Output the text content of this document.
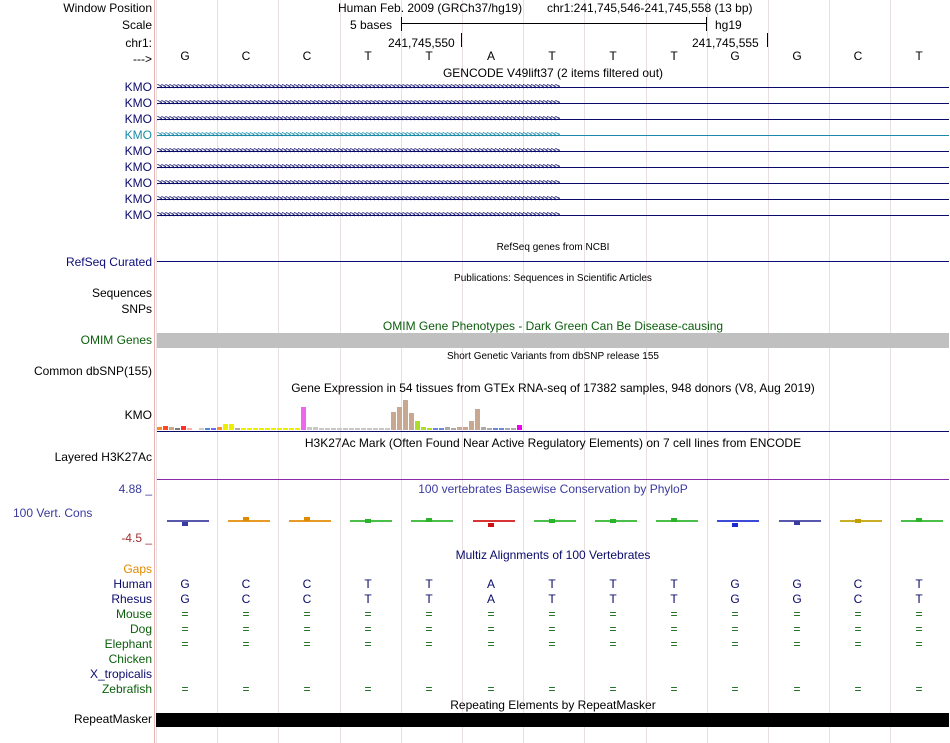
Window Position
Scale
chr1:
--->
Human Feb. 2009 (GRCh37/hg19) chr1:241,745,546-241,745,558 (13 bp)
5 bases	hg19
241,745,550	241,745,555
G	C	C	T	T	A	T	T	T	G	G	C	T
GENCODE V49lift37 (2 items filtered out)
KMO >>>>>>>>>>>>>>>>>>>>>>>>>>>>>>>>>>>>>>>>>>>>>>>>>>>>>>>>>>>>>>>>>>>>>>>>>>>>>>>>>>>>>>>>>>>>>>>>>>>>
KMO >>>>>>>>>>>>>>>>>>>>>>>>>>>>>>>>>>>>>>>>>>>>>>>>>>>>>>>>>>>>>>>>>>>>>>>>>>>>>>>>>>>>>>>>>>>>>>>>>>>>
KMO >>>>>>>>>>>>>>>>>>>>>>>>>>>>>>>>>>>>>>>>>>>>>>>>>>>>>>>>>>>>>>>>>>>>>>>>>>>>>>>>>>>>>>>>>>>>>>>>>>>>
KMO >>>>>>>>>>>>>>>>>>>>>>>>>>>>>>>>>>>>>>>>>>>>>>>>>>>>>>>>>>>>>>>>>>>>>>>>>>>>>>>>>>>>>>>>>>>>>>>>>>>>
KMO >>>>>>>>>>>>>>>>>>>>>>>>>>>>>>>>>>>>>>>>>>>>>>>>>>>>>>>>>>>>>>>>>>>>>>>>>>>>>>>>>>>>>>>>>>>>>>>>>>>>
KMO >>>>>>>>>>>>>>>>>>>>>>>>>>>>>>>>>>>>>>>>>>>>>>>>>>>>>>>>>>>>>>>>>>>>>>>>>>>>>>>>>>>>>>>>>>>>>>>>>>>>
KMO >>>>>>>>>>>>>>>>>>>>>>>>>>>>>>>>>>>>>>>>>>>>>>>>>>>>>>>>>>>>>>>>>>>>>>>>>>>>>>>>>>>>>>>>>>>>>>>>>>>>
KMO >>>>>>>>>>>>>>>>>>>>>>>>>>>>>>>>>>>>>>>>>>>>>>>>>>>>>>>>>>>>>>>>>>>>>>>>>>>>>>>>>>>>>>>>>>>>>>>>>>>>
KMO >>>>>>>>>>>>>>>>>>>>>>>>>>>>>>>>>>>>>>>>>>>>>>>>>>>>>>>>>>>>>>>>>>>>>>>>>>>>>>>>>>>>>>>>>>>>>>>>>>>>
RefSeq genes from NCBI
RefSeq Curated
Publications: Sequences in Scientific Articles
Sequences
SNPs
OMIM Gene Phenotypes - Dark Green Can Be Disease-causing
OMIM Genes
Short Genetic Variants from dbSNP release 155
Common dbSNP(155)
Gene Expression in 54 tissues from GTEx RNA-seq of 17382 samples, 948 donors (V8, Aug 2019)
KMO
H3K27Ac Mark (Often Found Near Active Regulatory Elements) on 7 cell lines from ENCODE
Layered H3K27Ac
4.88 _	100 vertebrates Basewise Conservation by PhyloP
100 Vert. Cons
-4.5 _
Multiz Alignments of 100 Vertebrates
Gaps
Human	G	C	C	T	T	A	T	T	T	G	G	C	T
Rhesus	G	C	C	T	T	A	T	T	T	G	G	C	T
Mouse	=	=	=	=	=	=	=	=	=	=	=	=	=
Dog	=	=	=	=	=	=	=	=	=	=	=	=	=
Elephant	=	=	=	=	=	=	=	=	=	=	=	=	=
Chicken
X_tropicalis
Zebrafish	=	=	=	=	=	=	=	=	=	=	=	=	=
Repeating Elements by RepeatMasker
RepeatMasker
